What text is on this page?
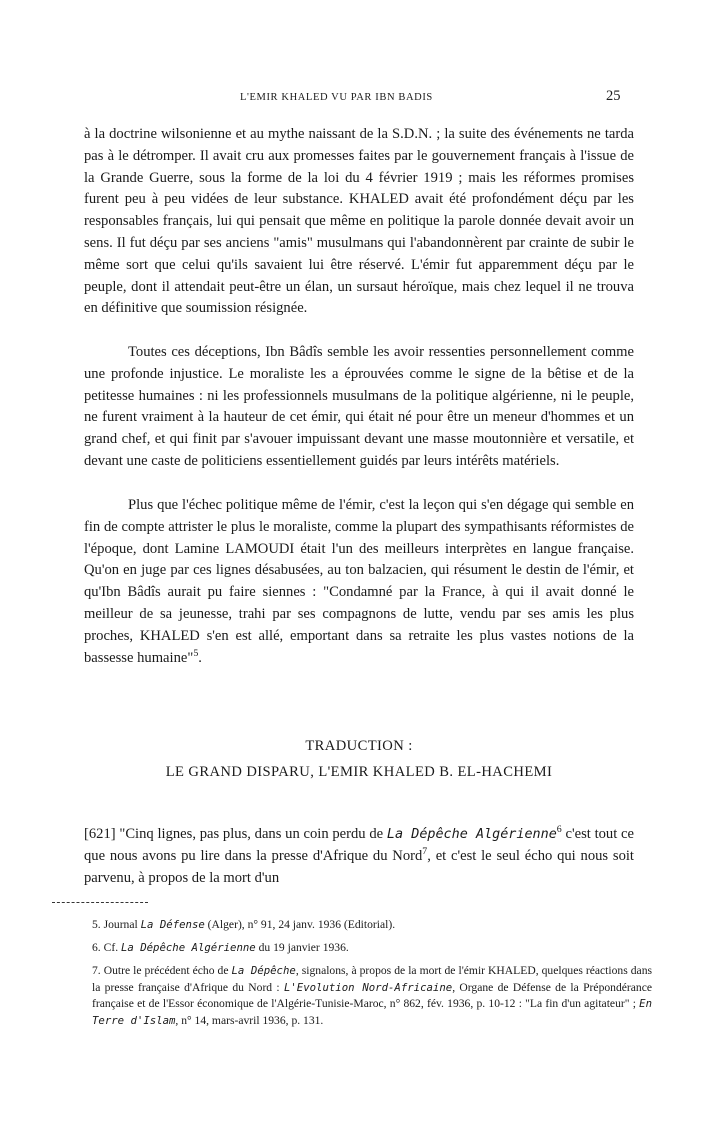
L'EMIR KHALED VU PAR IBN BADIS	25

à la doctrine wilsonienne et au mythe naissant de la S.D.N. ; la suite des événements ne tarda pas à le détromper. Il avait cru aux promesses faites par le gouvernement français à l'issue de la Grande Guerre, sous la forme de la loi du 4 février 1919 ; mais les réformes promises furent peu à peu vidées de leur substance. KHALED avait été profondément déçu par les responsables français, lui qui pensait que même en politique la parole donnée devait avoir un sens. Il fut déçu par ses anciens "amis" musulmans qui l'abandonnèrent par crainte de subir le même sort que celui qu'ils savaient lui être réservé. L'émir fut apparemment déçu par le peuple, dont il attendait peut-être un élan, un sursaut héroïque, mais chez lequel il ne trouva en définitive que soumission résignée.

Toutes ces déceptions, Ibn Bâdîs semble les avoir ressenties personnellement comme une profonde injustice. Le moraliste les a éprouvées comme le signe de la bêtise et de la petitesse humaines : ni les professionnels musulmans de la politique algérienne, ni le peuple, ne furent vraiment à la hauteur de cet émir, qui était né pour être un meneur d'hommes et un grand chef, et qui finit par s'avouer impuissant devant une masse moutonnière et versatile, et devant une caste de politiciens essentiellement guidés par leurs intérêts matériels.

Plus que l'échec politique même de l'émir, c'est la leçon qui s'en dégage qui semble en fin de compte attrister le plus le moraliste, comme la plupart des sympathisants réformistes de l'époque, dont Lamine LAMOUDI était l'un des meilleurs interprètes en langue française. Qu'on en juge par ces lignes désabusées, au ton balzacien, qui résument le destin de l'émir, et qu'Ibn Bâdîs aurait pu faire siennes : "Condamné par la France, à qui il avait donné le meilleur de sa jeunesse, trahi par ses compagnons de lutte, vendu par ses amis les plus proches, KHALED s'en est allé, emportant dans sa retraite les plus vastes notions de la bassesse humaine"$^5$.

TRADUCTION :

LE GRAND DISPARU, L'EMIR KHALED B. EL-HACHEMI

[621] "Cinq lignes, pas plus, dans un coin perdu de La Dépêche Algérienne$^6$ c'est tout ce que nous avons pu lire dans la presse d'Afrique du Nord$^7$, et c'est le seul écho qui nous soit parvenu, à propos de la mort d'un

5. Journal La Défense (Alger), n° 91, 24 janv. 1936 (Editorial).

6. Cf. La Dépêche Algérienne du 19 janvier 1936.

7. Outre le précédent écho de La Dépêche, signalons, à propos de la mort de l'émir KHALED, quelques réactions dans la presse française d'Afrique du Nord : L'Evolution Nord-Africaine, Organe de Défense de la Prépondérance française et de l'Essor économique de l'Algérie-Tunisie-Maroc, n° 862, fév. 1936, p. 10-12 : "La fin d'un agitateur" ; En Terre d'Islam, n° 14, mars-avril 1936, p. 131.
